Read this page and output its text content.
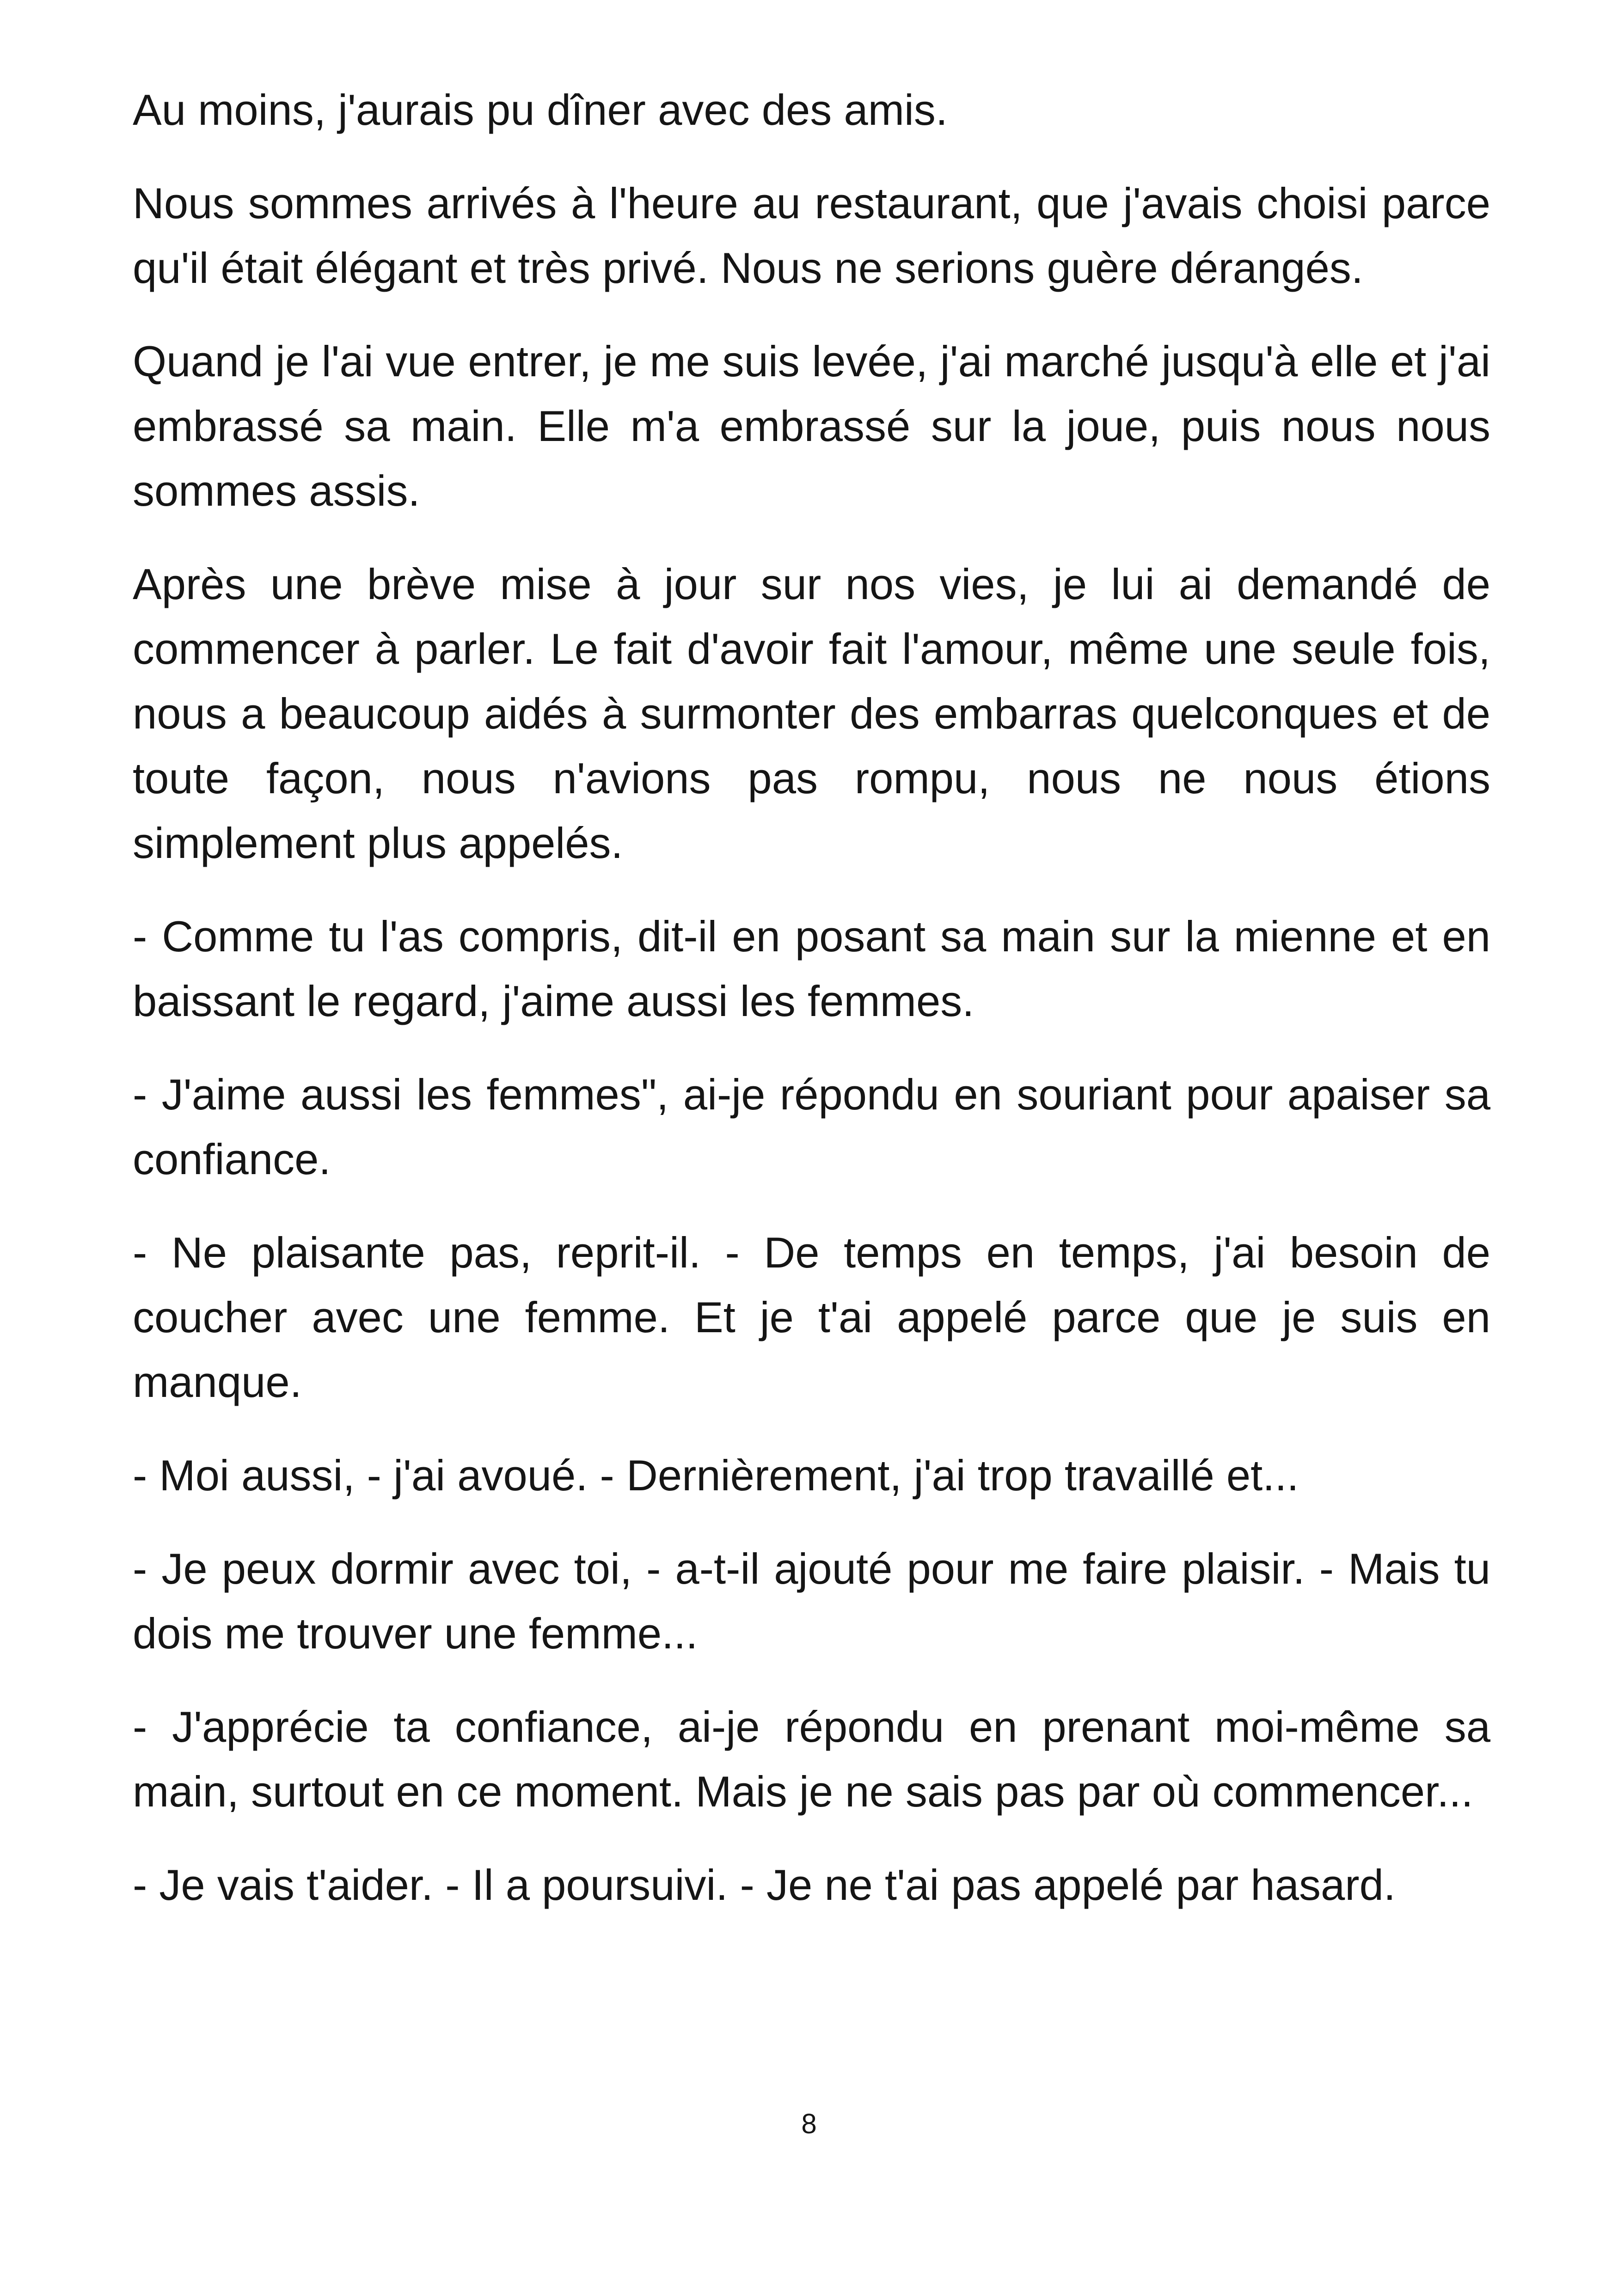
Au moins, j'aurais pu dîner avec des amis.

Nous sommes arrivés à l'heure au restaurant, que j'avais choisi parce qu'il était élégant et très privé. Nous ne serions guère dérangés.

Quand je l'ai vue entrer, je me suis levée, j'ai marché jusqu'à elle et j'ai embrassé sa main. Elle m'a embrassé sur la joue, puis nous nous sommes assis.

Après une brève mise à jour sur nos vies, je lui ai demandé de commencer à parler. Le fait d'avoir fait l'amour, même une seule fois, nous a beaucoup aidés à surmonter des embarras quelconques et de toute façon, nous n'avions pas rompu, nous ne nous étions simplement plus appelés.

- Comme tu l'as compris, dit-il en posant sa main sur la mienne et en baissant le regard, j'aime aussi les femmes.

- J'aime aussi les femmes", ai-je répondu en souriant pour apaiser sa confiance.

- Ne plaisante pas, reprit-il. - De temps en temps, j'ai besoin de coucher avec une femme. Et je t'ai appelé parce que je suis en manque.

- Moi aussi, - j'ai avoué. - Dernièrement, j'ai trop travaillé et...

- Je peux dormir avec toi, - a-t-il ajouté pour me faire plaisir. - Mais tu dois me trouver une femme...

- J'apprécie ta confiance, ai-je répondu en prenant moi-même sa main, surtout en ce moment. Mais je ne sais pas par où commencer...

- Je vais t'aider. - Il a poursuivi. - Je ne t'ai pas appelé par hasard.

8
